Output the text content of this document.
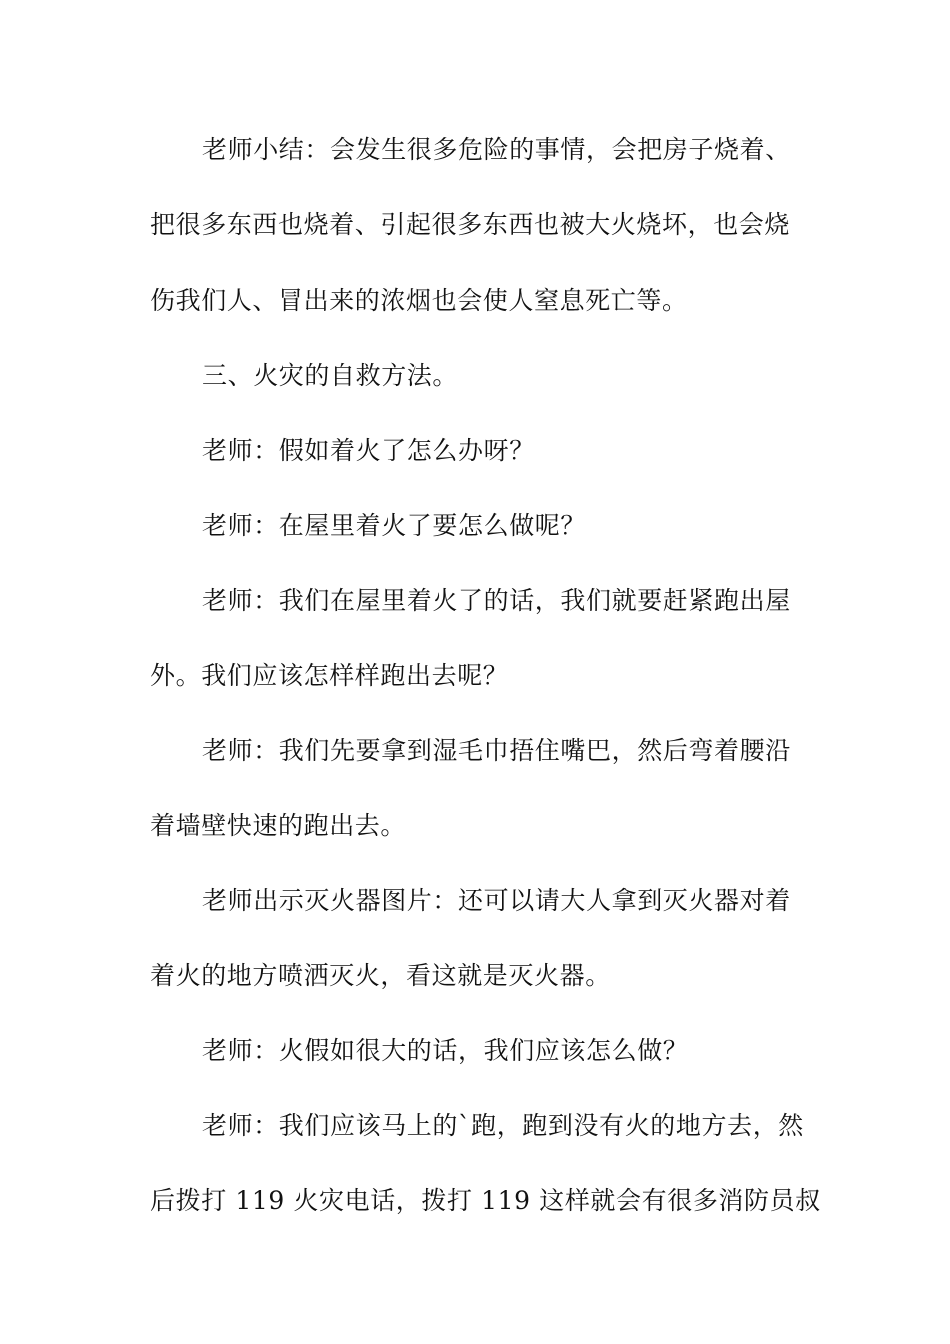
老师小结：会发生很多危险的事情，会把房子烧着、
把很多东西也烧着、引起很多东西也被大火烧坏，也会烧
伤我们人、冒出来的浓烟也会使人窒息死亡等。
三、火灾的自救方法。
老师：假如着火了怎么办呀？
老师：在屋里着火了要怎么做呢？
老师：我们在屋里着火了的话，我们就要赶紧跑出屋
外。我们应该怎样样跑出去呢？
老师：我们先要拿到湿毛巾捂住嘴巴，然后弯着腰沿
着墙壁快速的跑出去。
老师出示灭火器图片：还可以请大人拿到灭火器对着
着火的地方喷洒灭火，看这就是灭火器。
老师：火假如很大的话，我们应该怎么做？
老师：我们应该马上的`跑，跑到没有火的地方去，然
后拨打 119 火灾电话，拨打 119 这样就会有很多消防员叔
